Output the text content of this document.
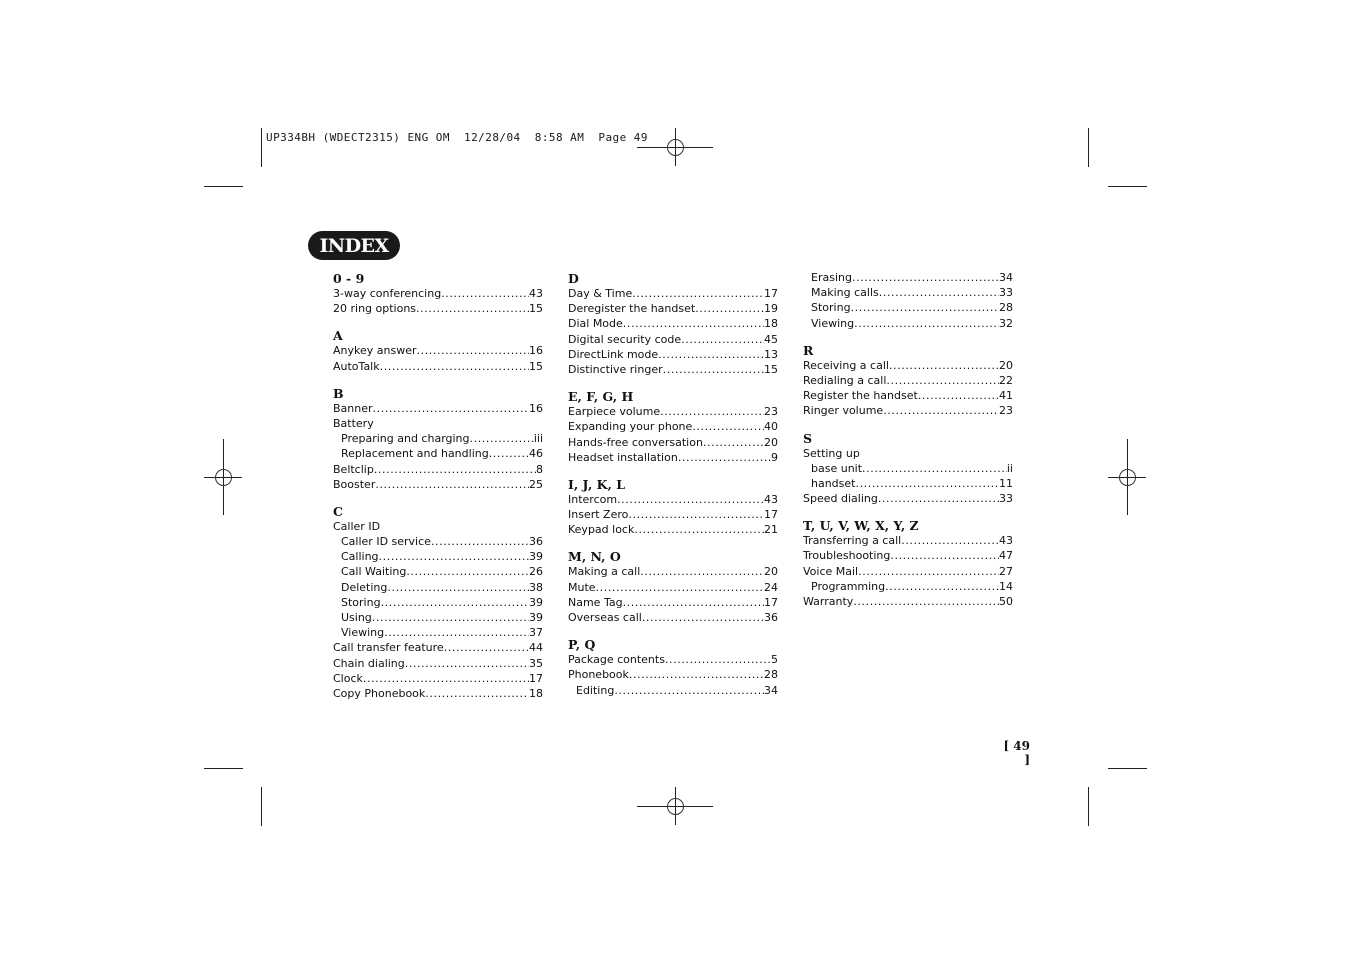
UP334BH (WDECT2315) ENG OM  12/28/04  8:58 AM  Page 49
INDEX
0 - 9
3-way conferencing .....	43
20 ring options .....	15
A
Anykey answer .....	16
AutoTalk .....	15
B
Banner .....	16
Battery
Preparing and charging .....	iii
Replacement and handling .....	46
Beltclip .....	8
Booster .....	25
C
Caller ID
Caller ID service .....	36
Calling .....	39
Call Waiting .....	26
Deleting .....	38
Storing .....	39
Using .....	39
Viewing .....	37
Call transfer feature .....	44
Chain dialing .....	35
Clock .....	17
Copy Phonebook .....	18
D
Day & Time .....	17
Deregister the handset .....	19
Dial Mode .....	18
Digital security code .....	45
DirectLink mode .....	13
Distinctive ringer .....	15
E, F, G, H
Earpiece volume .....	23
Expanding your phone .....	40
Hands-free conversation .....	20
Headset installation .....	9
I, J, K, L
Intercom .....	43
Insert Zero .....	17
Keypad lock .....	21
M, N, O
Making a call .....	20
Mute .....	24
Name Tag .....	17
Overseas call .....	36
P, Q
Package contents .....	5
Phonebook .....	28
Editing .....	34
Erasing .....	34
Making calls .....	33
Storing .....	28
Viewing .....	32
R
Receiving a call .....	20
Redialing a call .....	22
Register the handset .....	41
Ringer volume .....	23
S
Setting up
base unit .....	ii
handset .....	11
Speed dialing .....	33
T, U, V, W, X, Y, Z
Transferring a call .....	43
Troubleshooting .....	47
Voice Mail .....	27
Programming .....	14
Warranty .....	50
[ 49 ]
